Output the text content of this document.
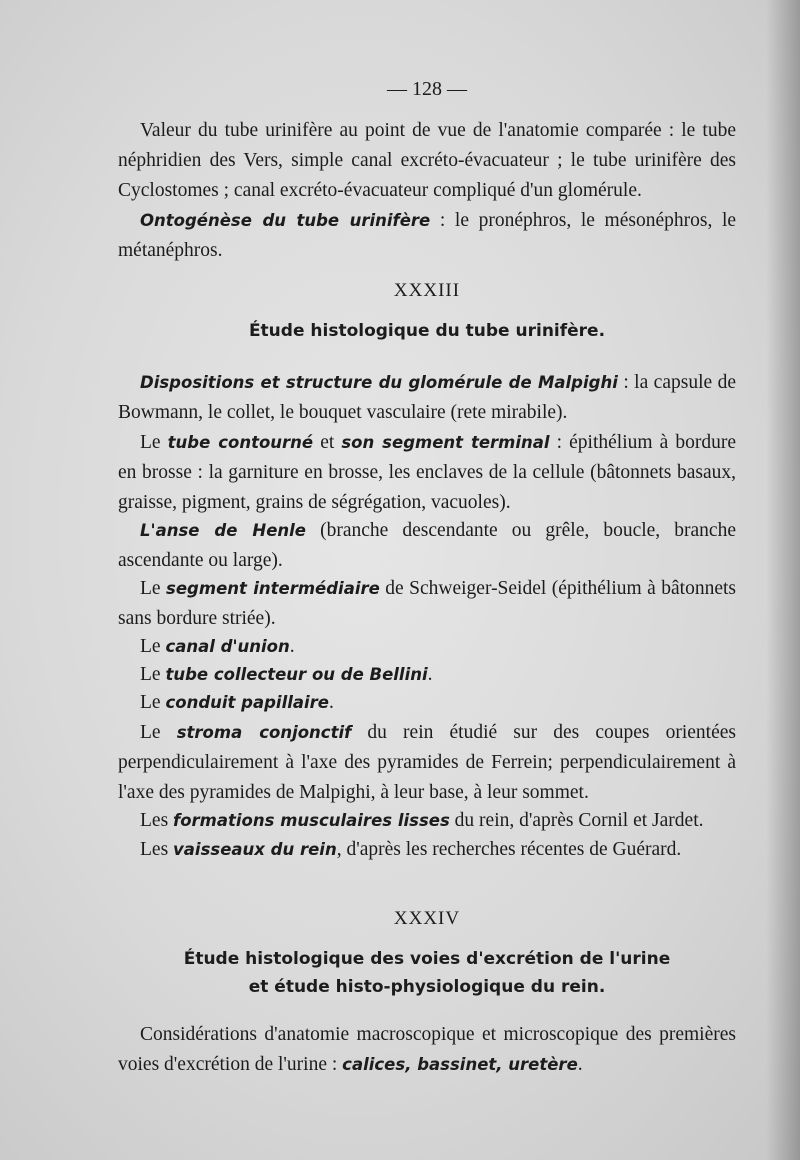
— 128 —
Valeur du tube urinifère au point de vue de l'anatomie comparée : le tube néphridien des Vers, simple canal excréto-évacuateur ; le tube urinifère des Cyclostomes ; canal excréto-évacuateur compliqué d'un glomérule.
Ontogénèse du tube urinifère : le pronéphros, le mésonéphros, le métanéphros.
XXXIII
Étude histologique du tube urinifère.
Dispositions et structure du glomérule de Malpighi : la capsule de Bowmann, le collet, le bouquet vasculaire (rete mirabile).
Le tube contourné et son segment terminal : épithélium à bordure en brosse : la garniture en brosse, les enclaves de la cellule (bâtonnets basaux, graisse, pigment, grains de ségrégation, vacuoles).
L'anse de Henle (branche descendante ou grêle, boucle, branche ascendante ou large).
Le segment intermédiaire de Schweiger-Seidel (épithélium à bâtonnets sans bordure striée).
Le canal d'union.
Le tube collecteur ou de Bellini.
Le conduit papillaire.
Le stroma conjonctif du rein étudié sur des coupes orientées perpendiculairement à l'axe des pyramides de Ferrein; perpendiculairement à l'axe des pyramides de Malpighi, à leur base, à leur sommet.
Les formations musculaires lisses du rein, d'après Cornil et Jardet.
Les vaisseaux du rein, d'après les recherches récentes de Guérard.
XXXIV
Étude histologique des voies d'excrétion de l'urine
et étude histo-physiologique du rein.
Considérations d'anatomie macroscopique et microscopique des premières voies d'excrétion de l'urine : calices, bassinet, uretère.
